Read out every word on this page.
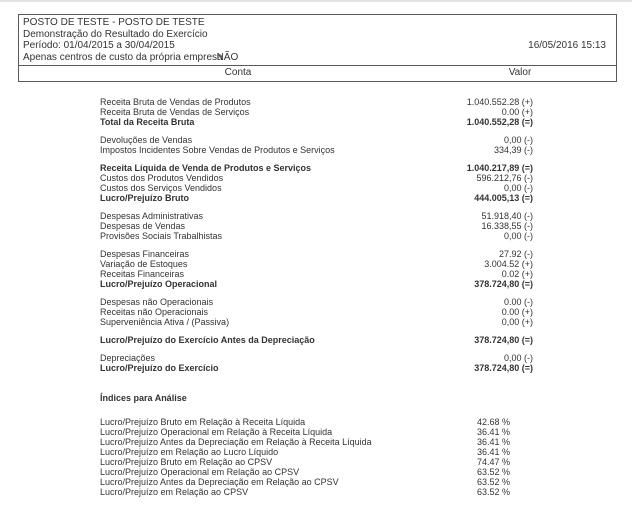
POSTO DE TESTE - POSTO DE TESTE
Demonstração do Resultado do Exercício
Período: 01/04/2015 a 30/04/2015	16/05/2016 15:13
Apenas centros de custo da própria empresaNÃO
Conta	Valor
Receita Bruta de Vendas de Produtos	1.040.552.28 (+)
Receita Bruta de Vendas de Serviços	0.00 (+)
Total da Receita Bruta	1.040.552,28 (=)
Devoluções de Vendas	0,00 (-)
Impostos Incidentes Sobre Vendas de Produtos e Serviços	334,39 (-)
Receita Líquida de Venda de Produtos e Serviços	1.040.217,89 (=)
Custos dos Produtos Vendidos	596.212,76 (-)
Custos dos Serviços Vendidos	0,00 (-)
Lucro/Prejuízo Bruto	444.005,13 (=)
Despesas Administrativas	51.918,40 (-)
Despesas de Vendas	16.338,55 (-)
Provisões Sociais Trabalhistas	0,00 (-)
Despesas Financeiras	27.92 (-)
Variação de Estoques	3.004.52 (+)
Receitas Financeiras	0.02 (+)
Lucro/Prejuízo Operacional	378.724,80 (=)
Despesas não Operacionais	0.00 (-)
Receitas não Operacionais	0.00 (+)
Superveniência Ativa / (Passiva)	0,00 (+)
Lucro/Prejuízo do Exercício Antes da Depreciação	378.724,80 (=)
Depreciações	0,00 (-)
Lucro/Prejuízo do Exercício	378.724,80 (=)
Índices para Análise
Lucro/Prejuízo Bruto em Relação à Receita Líquida	42.68 %
Lucro/Prejuízo Operacional em Relação à Receita Líquida	36.41 %
Lucro/Prejuízo Antes da Depreciação em Relação à Receita Líquida	36.41 %
Lucro/Prejuízo em Relação ao Lucro Líquido	36.41 %
Lucro/Prejuízo Bruto em Relação ao CPSV	74.47 %
Lucro/Prejuízo Operacional em Relação ao CPSV	63.52 %
Lucro/Prejuízo Antes da Depreciação em Relação ao CPSV	63.52 %
Lucro/Prejuízo em Relação ao CPSV	63.52 %
